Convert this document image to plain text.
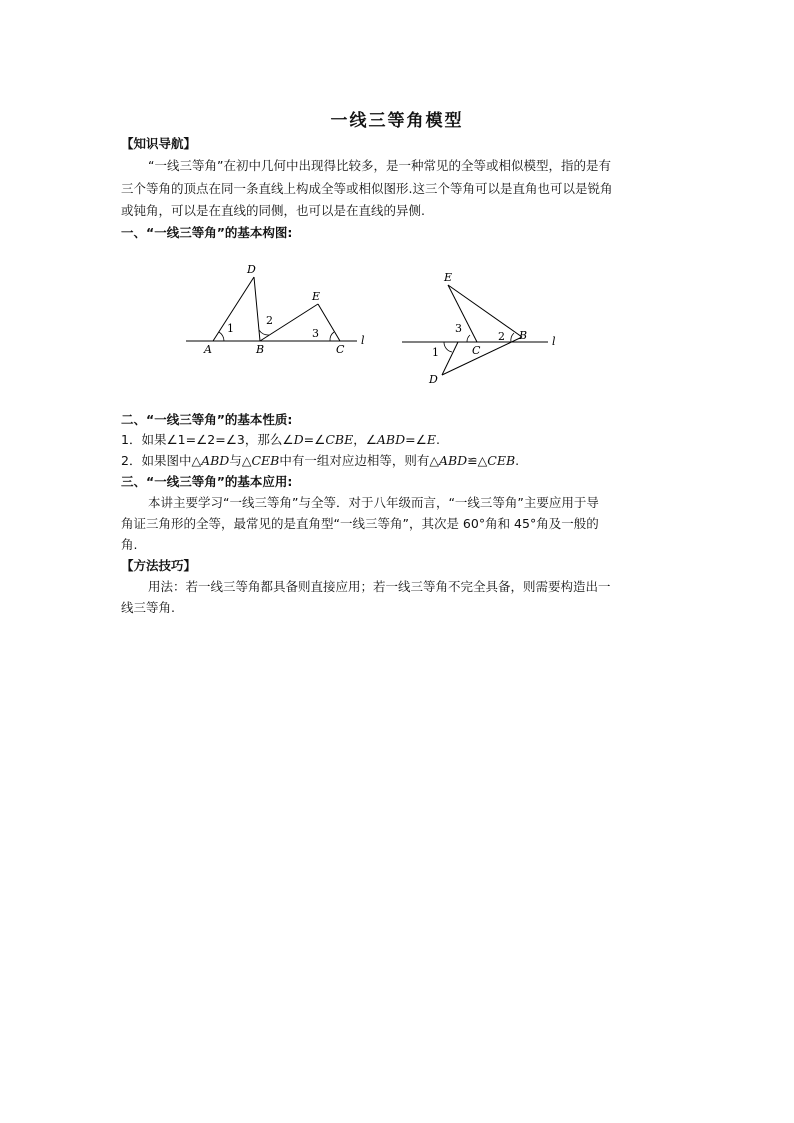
一线三等角模型
【知识导航】
“一线三等角”在初中几何中出现得比较多，是一种常见的全等或相似模型，指的是有
三个等角的顶点在同一条直线上构成全等或相似图形.这三个等角可以是直角也可以是锐角
或钝角，可以是在直线的同侧，也可以是在直线的异侧.
一、“一线三等角”的基本构图:
D
E
A	B	C
l
1
2
3
E
D
C
B l
1
2
3
二、“一线三等角”的基本性质:
1．如果∠1=∠2=∠3，那么∠D=∠CBE，∠ABD=∠E.
2．如果图中△ABD与△CEB中有一组对应边相等，则有△ABD≌△CEB.
三、“一线三等角”的基本应用:
本讲主要学习“一线三等角”与全等．对于八年级而言，“一线三等角”主要应用于导
角证三角形的全等，最常见的是直角型“一线三等角”，其次是 60°角和 45°角及一般的
角.
【方法技巧】
用法：若一线三等角都具备则直接应用；若一线三等角不完全具备，则需要构造出一
线三等角.
